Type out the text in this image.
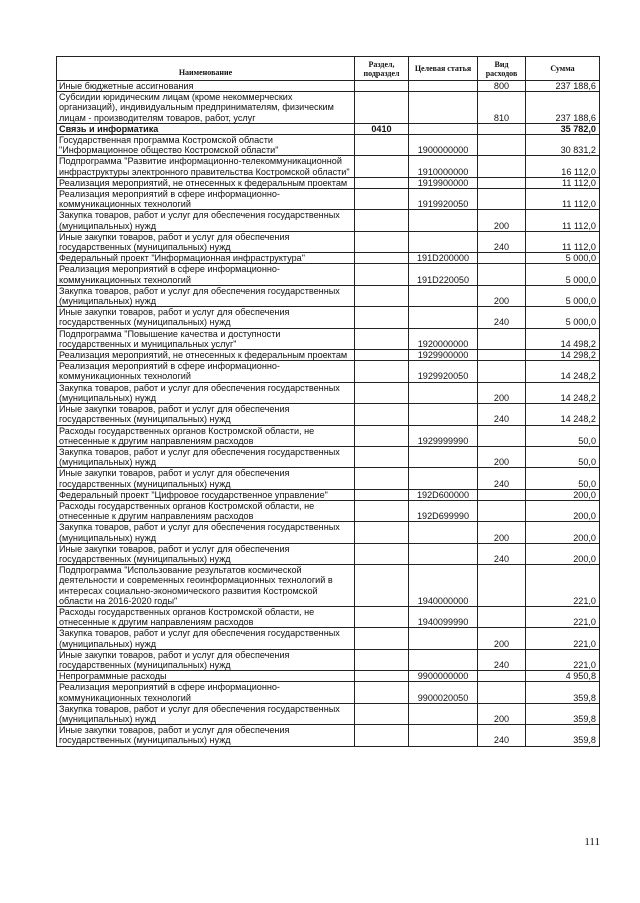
Наименование	Раздел, подраздел	Целевая статья	Вид расходов	Сумма
Иные бюджетные ассигнования			800	237 188,6
Субсидии юридическим лицам (кроме некоммерческих организаций), индивидуальным предпринимателям, физическим лицам - производителям товаров, работ, услуг			810	237 188,6
Связь и информатика	0410			35 782,0
Государственная программа Костромской области "Информационное общество Костромской области"		1900000000		30 831,2
Подпрограмма "Развитие информационно-телекоммуникационной инфраструктуры электронного правительства Костромской области"		1910000000		16 112,0
Реализация мероприятий, не отнесенных к федеральным проектам		1919900000		11 112,0
Реализация мероприятий в сфере информационно-коммуникационных технологий		1919920050		11 112,0
Закупка товаров, работ и услуг для обеспечения государственных (муниципальных) нужд			200	11 112,0
Иные закупки товаров, работ и услуг для обеспечения государственных (муниципальных) нужд			240	11 112,0
Федеральный проект "Информационная инфраструктура"		191D200000		5 000,0
Реализация мероприятий в сфере информационно-коммуникационных технологий		191D220050		5 000,0
Закупка товаров, работ и услуг для обеспечения государственных (муниципальных) нужд			200	5 000,0
Иные закупки товаров, работ и услуг для обеспечения государственных (муниципальных) нужд			240	5 000,0
Подпрограмма "Повышение качества и доступности государственных и муниципальных услуг"		1920000000		14 498,2
Реализация мероприятий, не отнесенных к федеральным проектам		1929900000		14 298,2
Реализация мероприятий в сфере информационно-коммуникационных технологий		1929920050		14 248,2
Закупка товаров, работ и услуг для обеспечения государственных (муниципальных) нужд			200	14 248,2
Иные закупки товаров, работ и услуг для обеспечения государственных (муниципальных) нужд			240	14 248,2
Расходы государственных органов Костромской области, не отнесенные к другим направлениям расходов		1929999990		50,0
Закупка товаров, работ и услуг для обеспечения государственных (муниципальных) нужд			200	50,0
Иные закупки товаров, работ и услуг для обеспечения государственных (муниципальных) нужд			240	50,0
Федеральный проект "Цифровое государственное управление"		192D600000		200,0
Расходы государственных органов Костромской области, не отнесенные к другим направлениям расходов		192D699990		200,0
Закупка товаров, работ и услуг для обеспечения государственных (муниципальных) нужд			200	200,0
Иные закупки товаров, работ и услуг для обеспечения государственных (муниципальных) нужд			240	200,0
Подпрограмма "Использование результатов космической деятельности и современных геоинформационных технологий в интересах социально-экономического развития Костромской области на 2016-2020 годы"		1940000000		221,0
Расходы государственных органов Костромской области, не отнесенные к другим направлениям расходов		1940099990		221,0
Закупка товаров, работ и услуг для обеспечения государственных (муниципальных) нужд			200	221,0
Иные закупки товаров, работ и услуг для обеспечения государственных (муниципальных) нужд			240	221,0
Непрограммные расходы		9900000000		4 950,8
Реализация мероприятий в сфере информационно-коммуникационных технологий		9900020050		359,8
Закупка товаров, работ и услуг для обеспечения государственных (муниципальных) нужд			200	359,8
Иные закупки товаров, работ и услуг для обеспечения государственных (муниципальных) нужд			240	359,8
111
